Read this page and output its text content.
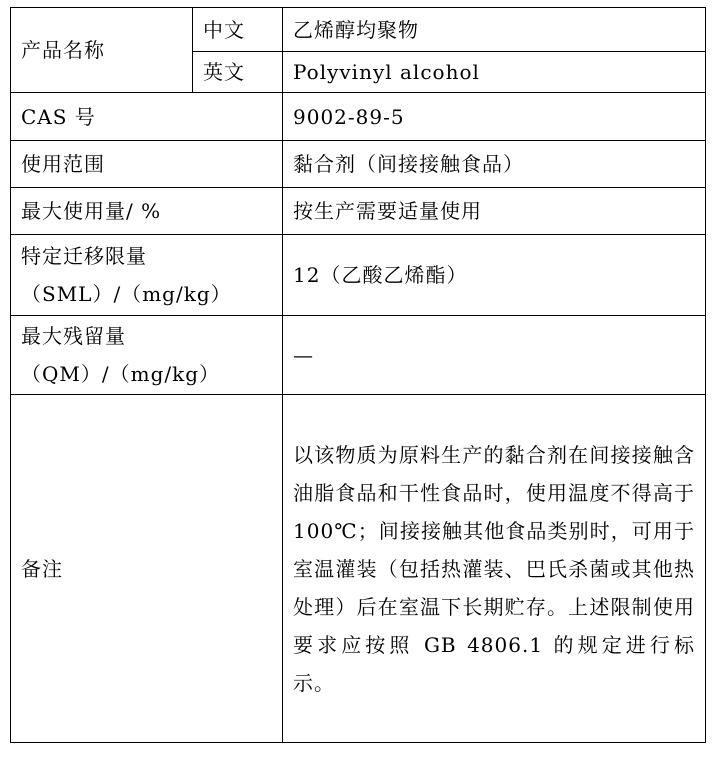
产品名称	中文	乙烯醇均聚物
	英文	Polyvinyl alcohol
CAS 号		9002-89-5
使用范围		黏合剂（间接接触食品）
最大使用量/ %		按生产需要适量使用

特定迁移限量
（SML）/（mg/kg）		12（乙酸乙烯酯）

最大残留量
（QM）/（mg/kg）		—
备注		以该物质为原料生产的黏合剂在间接接触含油脂食品和干性食品时，使用温度不得高于 100℃；间接接触其他食品类别时，可用于室温灌装（包括热灌装、巴氏杀菌或其他热处理）后在室温下长期贮存。上述限制使用要求应按照 GB 4806.1 的规定进行标示。
